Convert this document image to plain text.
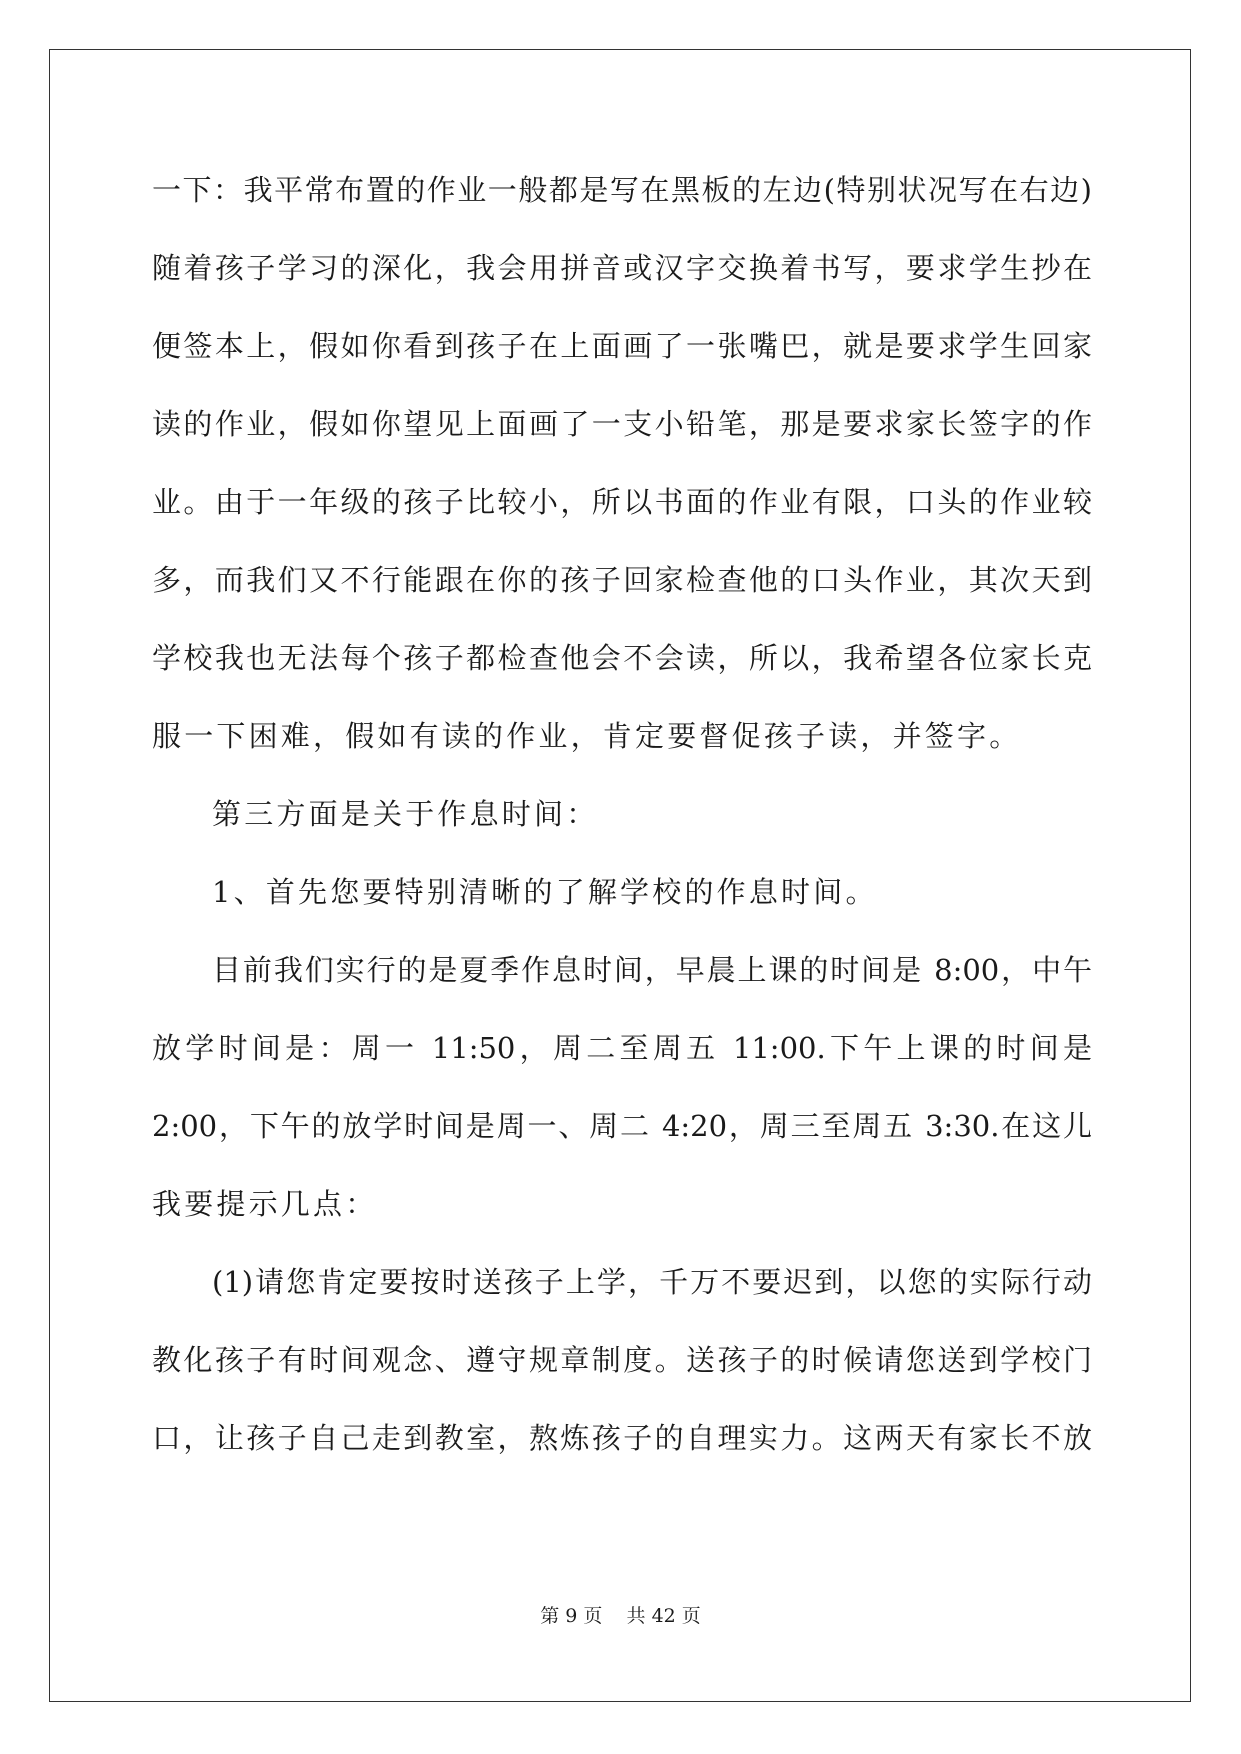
一下：我平常布置的作业一般都是写在黑板的左边(特别状况写在右边)
随着孩子学习的深化，我会用拼音或汉字交换着书写，要求学生抄在
便签本上，假如你看到孩子在上面画了一张嘴巴，就是要求学生回家
读的作业，假如你望见上面画了一支小铅笔，那是要求家长签字的作
业。由于一年级的孩子比较小，所以书面的作业有限，口头的作业较
多，而我们又不行能跟在你的孩子回家检查他的口头作业，其次天到
学校我也无法每个孩子都检查他会不会读，所以，我希望各位家长克
服一下困难，假如有读的作业，肯定要督促孩子读，并签字。
第三方面是关于作息时间：
1、首先您要特别清晰的了解学校的作息时间。
目前我们实行的是夏季作息时间，早晨上课的时间是 8:00，中午
放学时间是：周一 11:50，周二至周五 11:00.下午上课的时间是
2:00，下午的放学时间是周一、周二 4:20，周三至周五 3:30.在这儿
我要提示几点：
(1)请您肯定要按时送孩子上学，千万不要迟到，以您的实际行动
教化孩子有时间观念、遵守规章制度。送孩子的时候请您送到学校门
口，让孩子自己走到教室，熬炼孩子的自理实力。这两天有家长不放
第 9 页 共 42 页
